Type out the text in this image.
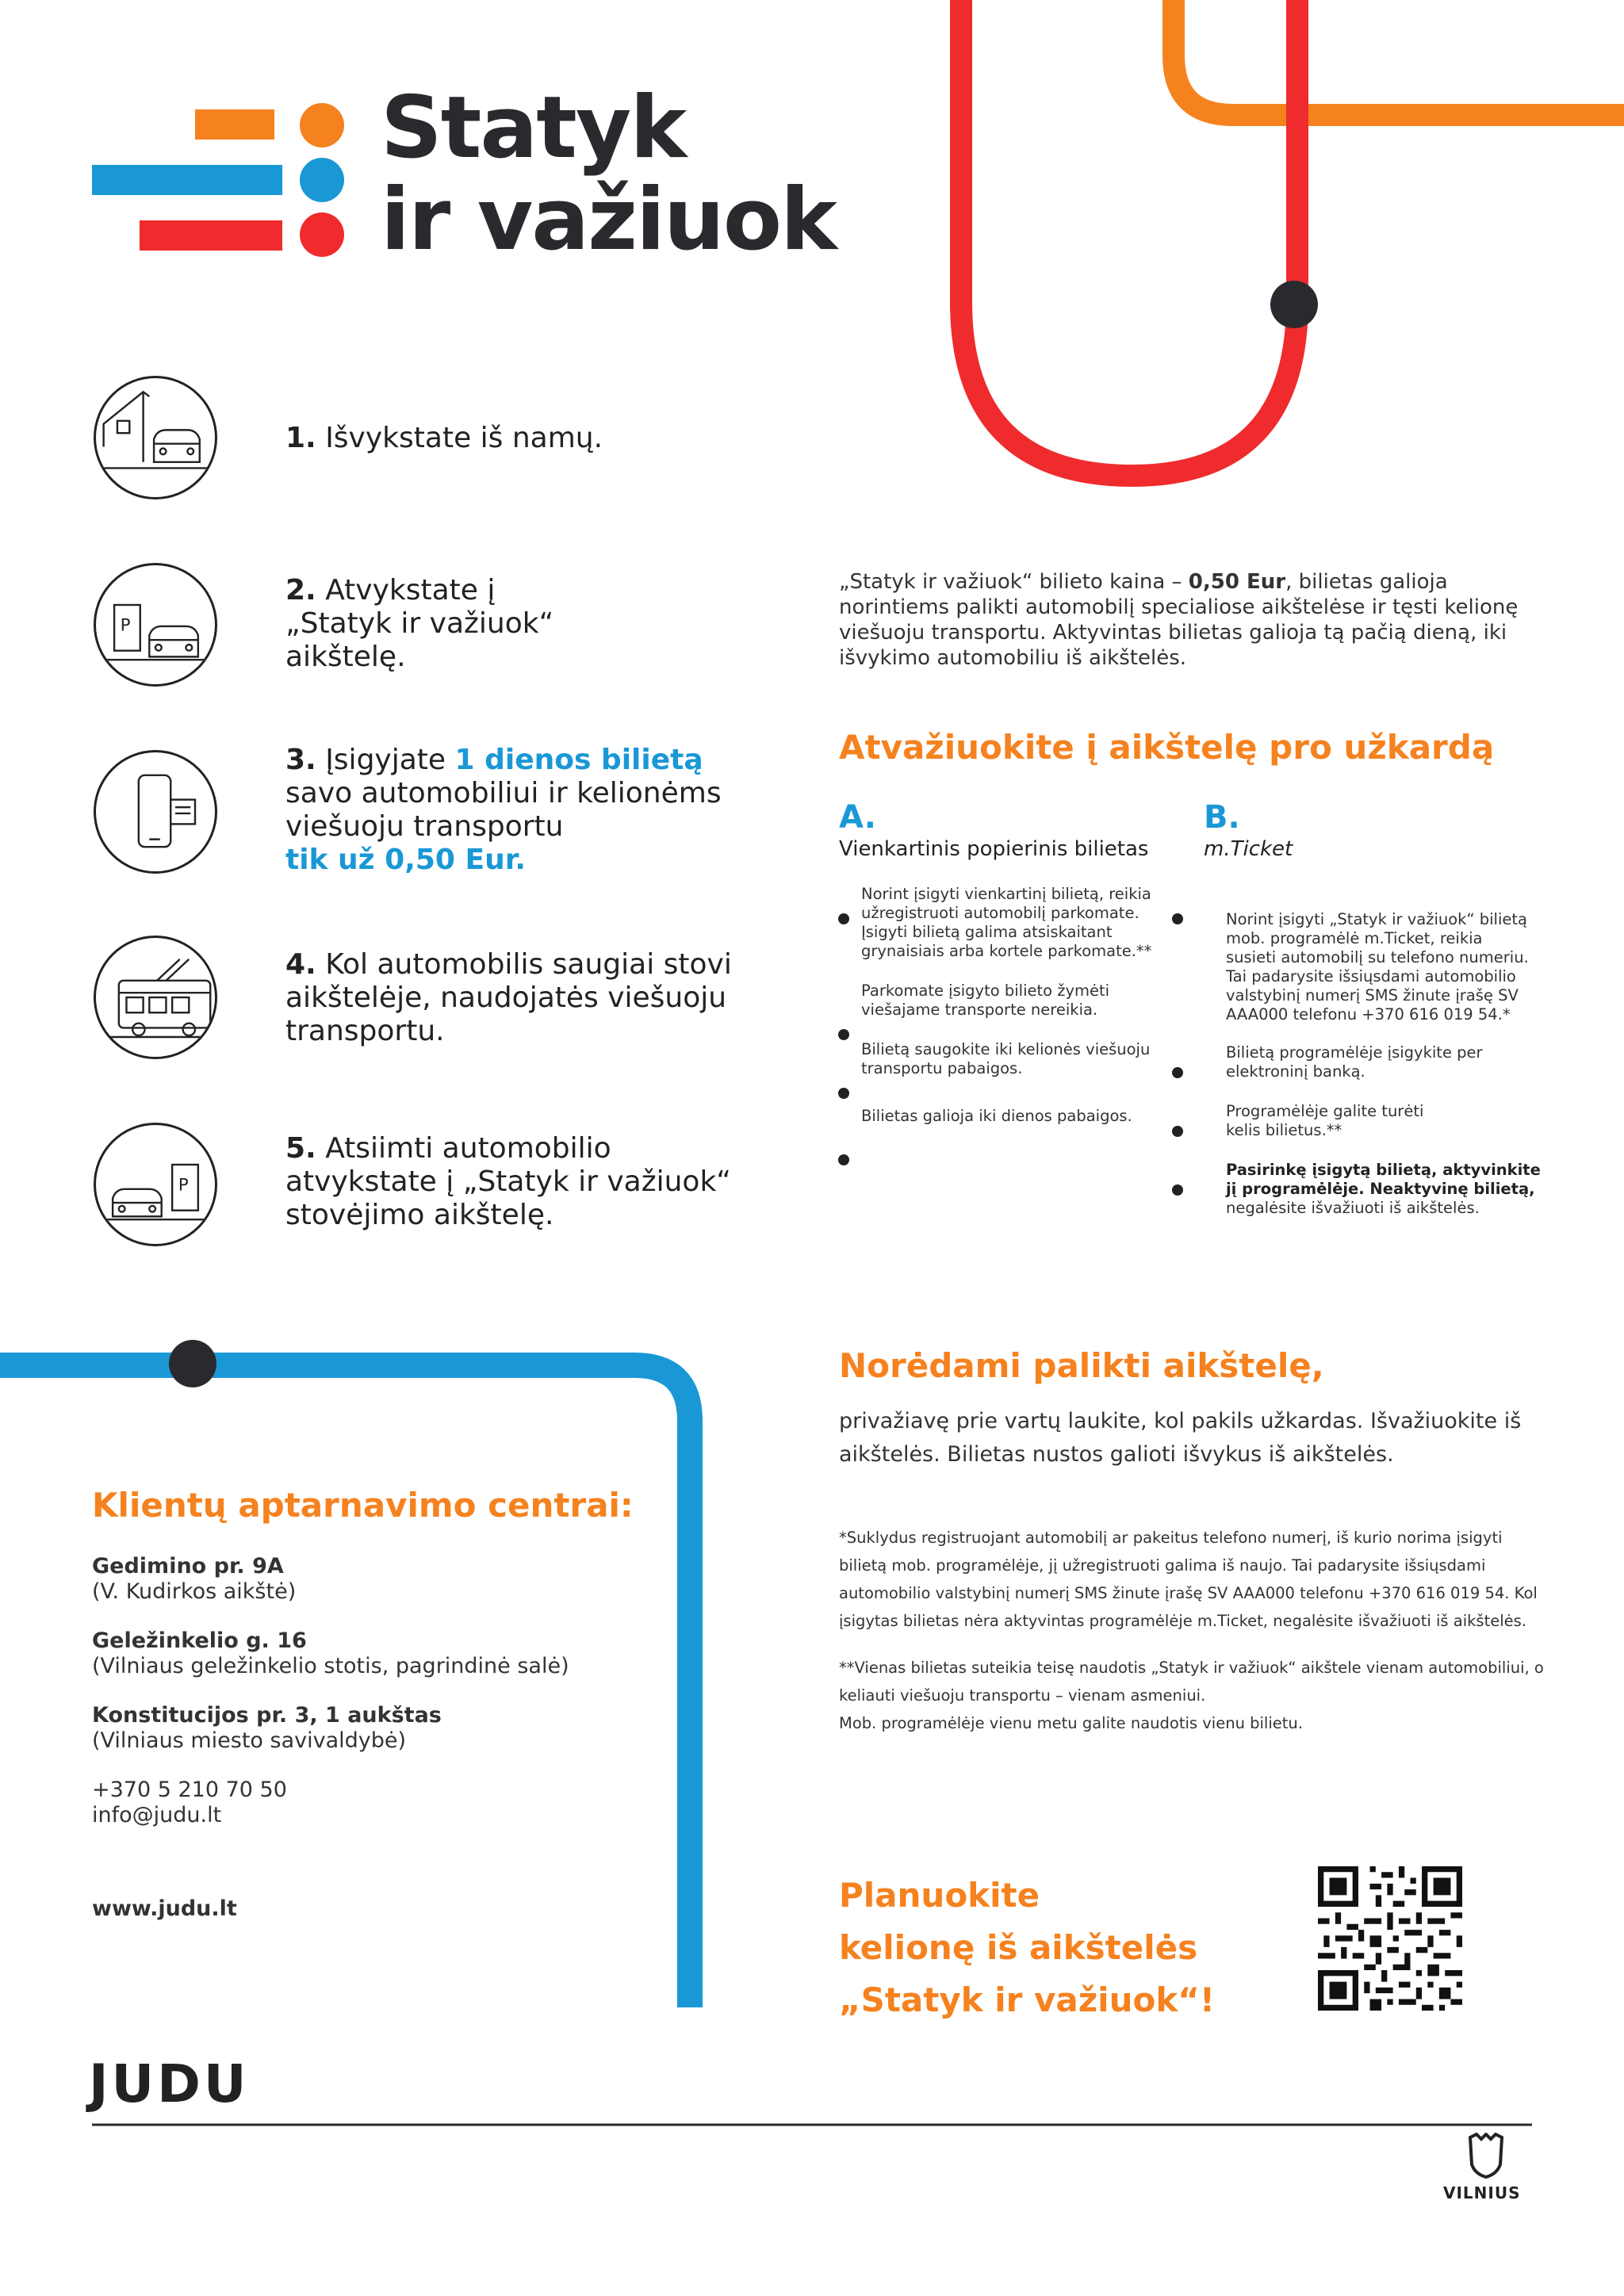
Statyk
ir važiuok
1. Išvykstate iš namų.
P
2. Atvykstate į
„Statyk ir važiuok“
aikštelę.
3. Įsigyjate 1 dienos bilietą
savo automobiliui ir kelionėms
viešuoju transportu
tik už 0,50 Eur.
4. Kol automobilis saugiai stovi
aikštelėje, naudojatės viešuoju
transportu.
P
5. Atsiimti automobilio
atvykstate į „Statyk ir važiuok“
stovėjimo aikštelę.
„Statyk ir važiuok“ bilieto kaina – 0,50 Eur, bilietas galioja
norintiems palikti automobilį specialiose aikštelėse ir tęsti kelionę
viešuoju transportu. Aktyvintas bilietas galioja tą pačią dieną, iki
išvykimo automobiliu iš aikštelės.
Atvažiuokite į aikštelę pro užkardą
A.
Vienkartinis popierinis bilietas
Norint įsigyti vienkartinį bilietą, reikia
užregistruoti automobilį parkomate.
Įsigyti bilietą galima atsiskaitant
grynaisiais arba kortele parkomate.**
Parkomate įsigyto bilieto žymėti
viešajame transporte nereikia.
Bilietą saugokite iki kelionės viešuoju
transportu pabaigos.
Bilietas galioja iki dienos pabaigos.
B.
m.Ticket
Norint įsigyti „Statyk ir važiuok“ bilietą
mob. programėlė m.Ticket, reikia
susieti automobilį su telefono numeriu.
Tai padarysite išsiųsdami automobilio
valstybinį numerį SMS žinute įrašę SV
AAA000 telefonu +370 616 019 54.*
Bilietą programėlėje įsigykite per
elektroninį banką.
Programėlėje galite turėti
kelis bilietus.**
Pasirinkę įsigytą bilietą, aktyvinkite
jį programėlėje. Neaktyvinę bilietą,
negalėsite išvažiuoti iš aikštelės.
Norėdami palikti aikštelę,
privažiavę prie vartų laukite, kol pakils užkardas. Išvažiuokite iš
aikštelės. Bilietas nustos galioti išvykus iš aikštelės.
*Suklydus registruojant automobilį ar pakeitus telefono numerį, iš kurio norima įsigyti
bilietą mob. programėlėje, jį užregistruoti galima iš naujo. Tai padarysite išsiųsdami
automobilio valstybinį numerį SMS žinute įrašę SV AAA000 telefonu +370 616 019 54. Kol
įsigytas bilietas nėra aktyvintas programėlėje m.Ticket, negalėsite išvažiuoti iš aikštelės.
**Vienas bilietas suteikia teisę naudotis „Statyk ir važiuok“ aikštele vienam automobiliui, o
keliauti viešuoju transportu – vienam asmeniui.
Mob. programėlėje vienu metu galite naudotis vienu bilietu.
Klientų aptarnavimo centrai:
Gedimino pr. 9A
(V. Kudirkos aikštė)
Geležinkelio g. 16
(Vilniaus geležinkelio stotis, pagrindinė salė)
Konstitucijos pr. 3, 1 aukštas
(Vilniaus miesto savivaldybė)
+370 5 210 70 50
info@judu.lt
www.judu.lt	Planuokite
kelionę iš aikštelės
„Statyk ir važiuok“!
JUDU
VILNIUS
